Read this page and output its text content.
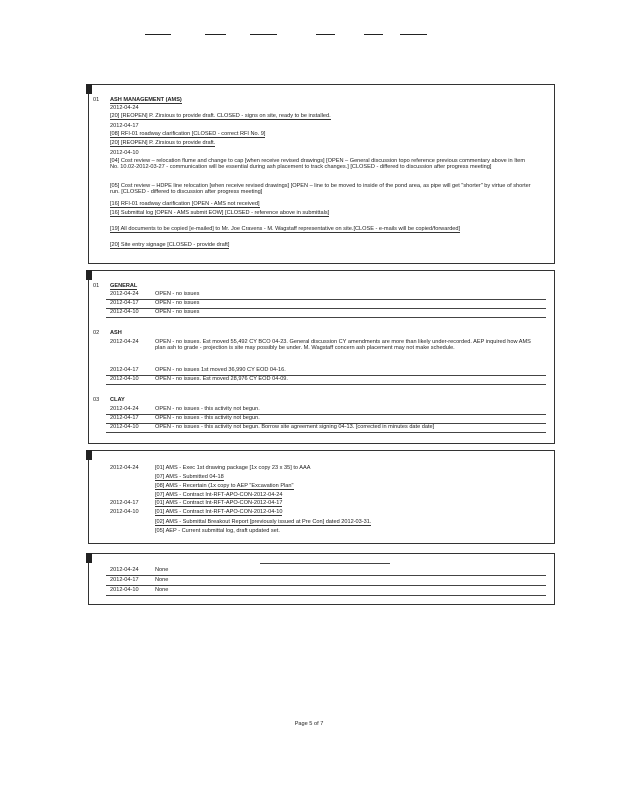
01 ASH MANAGEMENT (AMS)
2012-04-24
[20] [REOPEN] P. Zirsious to provide draft. CLOSED - signs on site, ready to be installed.
2012-04-17
[08] RFI-01 roadway clarification [CLOSED - correct RFI No. 9]
[20] [REOPEN] P. Zirsious to provide draft.
2012-04-10
[04] Cost review – relocation flume and change to cap [when receive revised drawings] [OPEN – General discussion topo reference previous commentary above in Item No. 10.02-2012-03-27 - communication will be essential during ash placement to track changes.] [CLOSED - differed to discussion after progress meeting]
[05] Cost review – HDPE line relocation [when receive revised drawings] [OPEN – line to be moved to inside of the pond area, as pipe will get "shorter" by virtue of shorter run. [CLOSED - differed to discussion after progress meeting]
[16] RFI-01 roadway clarification [OPEN - AMS not received]
[16] Submittal log [OPEN - AMS submit EOW] [CLOSED - reference above in submittals]
[19] All documents to be copied [e-mailed] to Mr. Joe Cravens - M. Wagstaff representative on site.[CLOSE - e-mails will be copied/forwarded]
[20] Site entry signage [CLOSED - provide draft]
01 GENERAL
2012-04-24	OPEN - no issues
2012-04-17	OPEN - no issues
2012-04-10	OPEN - no issues
02 ASH
2012-04-24	OPEN - no issues. Est moved 55,492 CY BCO 04-23. General discussion CY amendments are more than likely under-recorded. AEP inquired how AMS plan ash to grade - projection is site may possibly be under. M. Wagstaff concern ash placement may not make schedule.
2012-04-17	OPEN - no issues 1st moved 36,990 CY EOD 04-16.
2012-04-10	OPEN - no issues. Est moved 28,976 CY EOD 04-09.
03 CLAY
2012-04-24	OPEN - no issues - this activity not begun.
2012-04-17	OPEN - no issues - this activity not begun.
2012-04-10	OPEN - no issues - this activity not begun. Borrow site agreement signing 04-13. [corrected in minutes date date]
2012-04-24	[01] AMS - Exec 1st drawing package [1x copy 23 x 35] to AAA
[07] AMS - Submitted 04-18
[08] AMS - Recertain (1x copy to AEP "Excavation Plan"
[07] AMS - Contract Int-RFT-APO-CON-2012-04-24
2012-04-17	[01] AMS - Contract Int-RFT-APO-CON-2012-04-17
2012-04-10	[01] AMS - Contract Int-RFT-APO-CON-2012-04-10
[02] AMS - Submittal Breakout Report [previously issued at Pre Con] dated 2012-03-31.
[05] AEP - Current submittal log, draft updated set.
2012-04-24	None
2012-04-17	None
2012-04-10	None
Page 5 of 7
